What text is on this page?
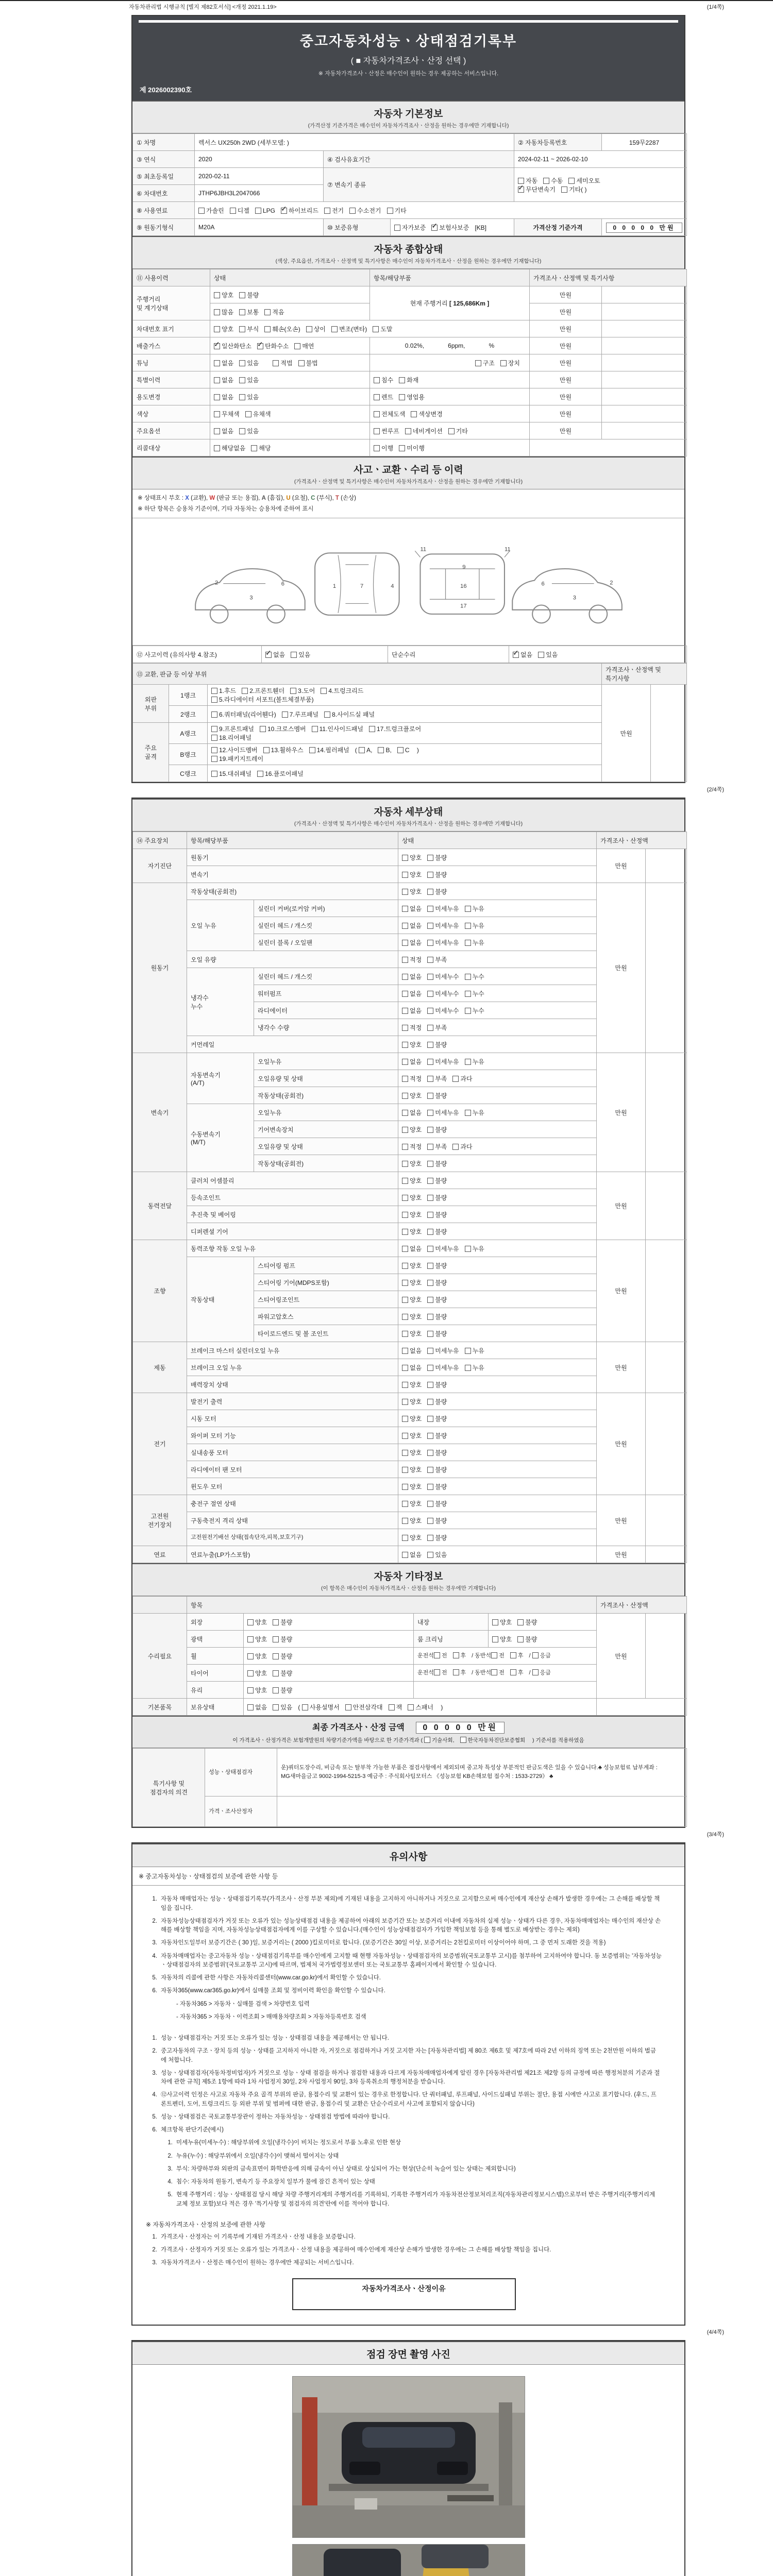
자동차관리법 시행규칙 [별지 제82호서식] <개정 2021.1.19>	(1/4쪽)
중고자동차성능ㆍ상태점검기록부
( ■ 자동차가격조사ㆍ산정 선택 )
※ 자동차가격조사ㆍ산정은 매수인이 원하는 경우 제공하는 서비스입니다.
제 2026002390호
자동차 기본정보
(가격산정 기준가격은 매수인이 자동차가격조사ㆍ산정을 원하는 경우에만 기재합니다)
① 차명	렉서스 UX250h 2WD (세부모델: )			② 자동차등록번호	159무2287
③ 연식	2020	④ 검사유효기간		2024-02-11 ~ 2026-02-10	
⑤ 최초등록일	2020-02-11	⑦ 변속기 종류		자동 수동 세미오토
✓무단변속기 기타( )
⑥ 차대번호	JTHP6JBH3L2047066				
⑧ 사용연료	가솔린 디젤 LPG ✓ 하이브리드 전기 수소전기 기타
⑨ 원동기형식	M20A	⑩ 보증유형	자가보증 ✓ 보험사보증 [KB]	가격산정 기준가격	0 0 0 0 0 만원
자동차 종합상태
(색상, 주요옵션, 가격조사ㆍ산정액 및 특기사항은 매수인이 자동차가격조사ㆍ산정을 원하는 경우에만 기재합니다)
⑪ 사용이력	상태	항목/해당부품	가격조사ㆍ산정액 및 특기사항	
주행거리
및 계기상태	양호 불량	현재 주행거리 [ 125,686Km ]	만원	
	많음 보통 적음		만원	
차대번호 표기	양호 부식 훼손(오손) 상이 변조(변타) 도말		만원	
배출가스	✓일산화탄소 ✓ 탄화수소 매연	0.02%, 6ppm, %	만원	
튜닝	없음 있음 적법 불법	구조 장치	만원	
특별이력	없음 있음	침수 화재	만원	
용도변경	없음 있음	렌트 영업용	만원	
색상	무채색 유채색	전체도색 색상변경	만원	
주요옵션	없음 있음	썬루프 네비게이션 기타	만원	
리콜대상	해당없음 해당	이행 미이행		
사고ㆍ교환ㆍ수리 등 이력
(가격조사ㆍ산정액 및 특기사항은 매수인이 자동차가격조사ㆍ산정을 원하는 경우에만 기재합니다)
※ 상태표시 부호 : X (교환), W (판금 또는 용접), A (흠집), U (요철), C (부식), T (손상)
※ 하단 항목은 승용차 기준이며, 기타 자동차는 승용차에 준하여 표시
2
3
6	1	7	4
11	11
9
16
17
2
3
6
⑫ 사고이력 (유의사항 4.참조)	✓없음 있음	단순수리	✓없음 있음
⑬ 교환, 판금 등 이상 부위			가격조사ㆍ산정액 및 특기사항	
외판
부위	1랭크	1.후드 2.프론트휀더 3.도어 4.트렁크리드
5.라디에이터 서포트(볼트체결부품)	만원	
	2랭크	6.쿼터패널(리어휀다) 7.루프패널 8.사이드실 패널		
주요
골격	A랭크	9.프론트패널 10.크로스멤버 11.인사이드패널 17.트렁크플로어
18.리어패널		
	B랭크	12.사이드멤버 13.휠하우스 14.필러패널 ( A, B, C )
19.패키지트레이		
	C랭크	15.대쉬패널 16.플로어패널		
(2/4쪽)
자동차 세부상태
(가격조사ㆍ산정액 및 특기사항은 매수인이 자동차가격조사ㆍ산정을 원하는 경우에만 기재합니다)
⑭ 주요장치	항목/해당부품		상태	가격조사ㆍ산정액	
자기진단	원동기		양호 불량	만원	
	변속기		양호 불량		
원동기	작동상태(공회전)		양호 불량	만원	
	오일 누유	실린더 커버(로커암 커버)	없음 미세누유 누유		
		실린더 헤드 / 개스킷	없음 미세누유 누유		
		실린더 블록 / 오일팬	없음 미세누유 누유		
	오일 유량		적정 부족		
	냉각수
누수	실린더 헤드 / 개스킷	없음 미세누수 누수		
		워터펌프	없음 미세누수 누수		
		라디에이터	없음 미세누수 누수		
		냉각수 수량	적정 부족		
	커먼레일		양호 불량		
변속기	자동변속기
(A/T)	오일누유	없음 미세누유 누유	만원	
		오일유량 및 상태	적정 부족 과다		
		작동상태(공회전)	양호 불량		
	수동변속기
(M/T)	오일누유	없음 미세누유 누유		
		기어변속장치	양호 불량		
		오일유량 및 상태	적정 부족 과다		
		작동상태(공회전)	양호 불량		
동력전달	클러치 어셈블리		양호 불량	만원	
	등속조인트		양호 불량		
	추진축 및 베어링		양호 불량		
	디퍼렌셜 기어		양호 불량		
조향	동력조향 작동 오일 누유		없음 미세누유 누유	만원	
	작동상태	스티어링 펌프	양호 불량		
		스티어링 기어(MDPS포함)	양호 불량		
		스티어링조인트	양호 불량		
		파워고압호스	양호 불량		
		타이로드엔드 및 볼 조인트	양호 불량		
제동	브레이크 마스터 실린더오일 누유		없음 미세누유 누유	만원	
	브레이크 오일 누유		없음 미세누유 누유		
	배력장치 상태		양호 불량		
전기	발전기 출력		양호 불량	만원	
	시동 모터		양호 불량		
	와이퍼 모터 기능		양호 불량		
	실내송풍 모터		양호 불량		
	라디에이터 팬 모터		양호 불량		
	윈도우 모터		양호 불량		
고전원
전기장치	충전구 절연 상태		양호 불량	만원	
	구동축전지 격리 상태		양호 불량		
	고전원전기배선 상태(접속단자,피복,보호기구)		양호 불량		
연료	연료누출(LP가스포함)		없음 있음	만원	
자동차 기타정보
(이 항목은 매수인이 자동차가격조사ㆍ산정을 원하는 경우에만 기재합니다)
	항목				가격조사ㆍ산정액	
수리필요	외장	양호 불량	내장	양호 불량	만원	
	광택	양호 불량	룸 크리닝	양호 불량		
	휠	양호 불량	운전석 전 후 / 동반석 전 후 / 응급			
	타이어	양호 불량	운전석 전 후 / 동반석 전 후 / 응급			
	유리	양호 불량				
기본품목	보유상태	없음 있음 ( 사용설명서 안전삼각대 잭 스패너 )				
최종 가격조사ㆍ산정 금액 0 0 0 0 0 만원
이 가격조사ㆍ산정가격은 보험개발원의 차량기준가액을 바탕으로 한 기준가격과 ( 기술사회, 한국자동차진단보증협회 ) 기준서를 적용하였음
특기사항 및
점검자의 의견	성능ㆍ상태점검자	운)쿼터도장수리, 비금속 또는 탈부착 가능한 부품은 점검사항에서 제외되며 중고차 특성상 부분적인 판금도색은 있을 수 있습니다.♣ 성능보험료 납부계좌 : MG새마을금고 9002-1994-5215-3 예금주 : 주식회사팀모터스 《성능보험 KB손해보험 접수처 : 1533-2729》 ♣
	가격ㆍ조사산정자	
(3/4쪽)
유의사항
※ 중고자동차성능ㆍ상태점검의 보증에 관한 사항 등
1. 자동차 매매업자는 성능ㆍ상태점검기록부(가격조사ㆍ산정 부분 제외)에 기재된 내용을 고지하지 아니하거나 거짓으로 고지함으로써 매수인에게 재산상 손해가 발생한 경우에는 그 손해를 배상할 책임을 집니다.
2. 자동차성능상태점검자가 거짓 또는 오류가 있는 성능상태점검 내용을 제공하여 아래의 보증기간 또는 보증거리 이내에 자동차의 실제 성능ㆍ상태가 다른 경우, 자동차매매업자는 매수인의 재산상 손해를 배상할 책임을 지며, 자동차성능상태점검자에게 이를 구상할 수 있습니다.(매수인이 성능상태점검자가 가입한 책임보험 등을 통해 별도로 배상받는 경우는 제외)
3. 자동차인도일부터 보증기간은 ( 30 )일, 보증거리는 ( 2000 )킬로미터로 합니다. (보증기간은 30일 이상, 보증거리는 2천킬로미터 이상이어야 하며, 그 중 먼저 도래한 것을 적용)
4. 자동차매매업자는 중고자동차 성능ㆍ상태점검기록부를 매수인에게 고지할 때 현행 자동차성능ㆍ상태점검자의 보증범위(국토교통부 고시)를 첨부하여 고지하여야 합니다. 동 보증범위는 '자동차성능ㆍ상태점검자의 보증범위'(국토교통부 고시)에 따르며, 법제처 국가법령정보센터 또는 국토교통부 홈페이지에서 확인할 수 있습니다.
5. 자동차의 리콜에 관한 사항은 자동차리콜센터(www.car.go.kr)에서 확인할 수 있습니다.
6. 자동차365(www.car365.go.kr)에서 실매물 조회 및 정비이력 확인을 확인할 수 있습니다.
- 자동차365 > 자동차ㆍ실매물 검색 > 차량번호 입력
- 자동차365 > 자동차ㆍ이력조회 > 매매용차량조회 > 자동차등록번호 검색
1. 성능ㆍ상태점검자는 거짓 또는 오류가 있는 성능ㆍ상태점검 내용을 제공해서는 안 됩니다.
2. 중고자동차의 구조ㆍ장치 등의 성능ㆍ상태를 고지하지 아니한 자, 거짓으로 점검하거나 거짓 고지한 자는 [자동차관리법] 제 80조 제6호 및 제7호에 따라 2년 이하의 징역 또는 2천만원 이하의 벌금에 처합니다.
3. 성능ㆍ상태점검자(자동차정비업자)가 거짓으로 성능ㆍ상태 점검을 하거나 점검한 내용과 다르게 자동차매매업자에게 알린 경우 [자동차관리법 제21조 제2항 등의 규정에 따른 행정처분의 기준과 절차에 관한 규칙] 제5조 1항에 따라 1차 사업정지 30일, 2차 사업정지 90일, 3차 등록취소의 행정처분을 받습니다.
4. ⑫사고이력 인정은 사고로 자동차 주요 골격 부위의 판금, 용접수리 및 교환이 있는 경우로 한정합니다. 단 쿼터패널, 루프패널, 사이드실패널 부위는 절단, 용접 시에만 사고로 표기합니다. (후드, 프론트펜더, 도어, 트렁크리드 등 외판 부위 및 범퍼에 대한 판금, 용접수리 및 교환은 단순수리로서 사고에 포함되지 않습니다)
5. 성능ㆍ상태점검은 국토교통부장관이 정하는 자동차성능ㆍ상태점검 방법에 따라야 합니다.
6. 체크항목 판단기준(예시)
1. 미세누유(미세누수) : 해당부위에 오일(냉각수)이 비치는 정도로서 부품 노후로 인한 현상
2. 누유(누수) : 해당부위에서 오일(냉각수)이 맺혀서 떨어지는 상태
3. 부식: 차량하부와 외판의 금속표면이 화학반응에 의해 금속이 아닌 상태로 상실되어 가는 현상(단순히 녹슬어 있는 상태는 제외합니다)
4. 침수: 자동차의 원동기, 변속기 등 주요장치 일부가 물에 잠긴 흔적이 있는 상태
5. 현재 주행거리 : 성능ㆍ상태점검 당시 해당 차량 주행거리계의 주행거리를 기록하되, 기록한 주행거리가 자동차전산정보처리조직(자동차관리정보시스템)으로부터 받은 주행거리(주행거리계 교체 정보 포함)보다 적은 경우 '특기사항 및 점검자의 의견'란에 이를 적어야 합니다.
※ 자동차가격조사ㆍ산정의 보증에 관한 사항
1. 가격조사ㆍ산정자는 이 기록부에 기재된 가격조사ㆍ산정 내용을 보증합니다.
2. 가격조사ㆍ산정자가 거짓 또는 오류가 있는 가격조사ㆍ산정 내용을 제공하여 매수인에게 재산상 손해가 발생한 경우에는 그 손해를 배상할 책임을 집니다.
3. 자동차가격조사ㆍ산정은 매수인이 원하는 경우에만 제공되는 서비스입니다.
자동차가격조사ㆍ산정이유
(4/4쪽)
점검 장면 촬영 사진
